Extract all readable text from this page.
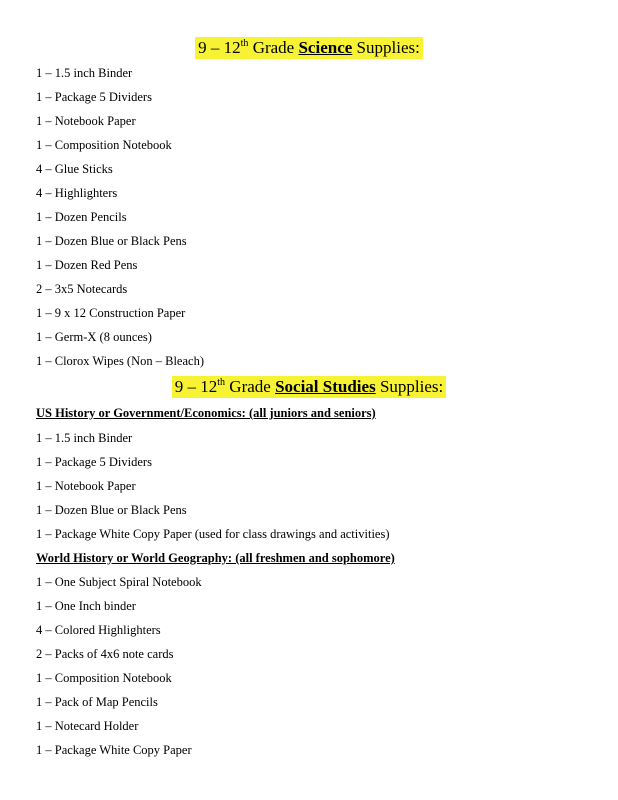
9 – 12th Grade Science Supplies:
1 – 1.5 inch Binder
1 – Package 5 Dividers
1 – Notebook Paper
1 – Composition Notebook
4 – Glue Sticks
4 – Highlighters
1 – Dozen Pencils
1 – Dozen Blue or Black Pens
1 – Dozen Red Pens
2 – 3x5 Notecards
1 – 9 x 12 Construction Paper
1 – Germ-X (8 ounces)
1 – Clorox Wipes (Non – Bleach)
9 – 12th Grade Social Studies Supplies:
US History or Government/Economics: (all juniors and seniors)
1 – 1.5 inch Binder
1 – Package 5 Dividers
1 – Notebook Paper
1 – Dozen Blue or Black Pens
1 – Package White Copy Paper (used for class drawings and activities)
World History or World Geography: (all freshmen and sophomore)
1 – One Subject Spiral Notebook
1 – One Inch binder
4 – Colored Highlighters
2 – Packs of 4x6 note cards
1 – Composition Notebook
1 – Pack of Map Pencils
1 – Notecard Holder
1 – Package White Copy Paper
